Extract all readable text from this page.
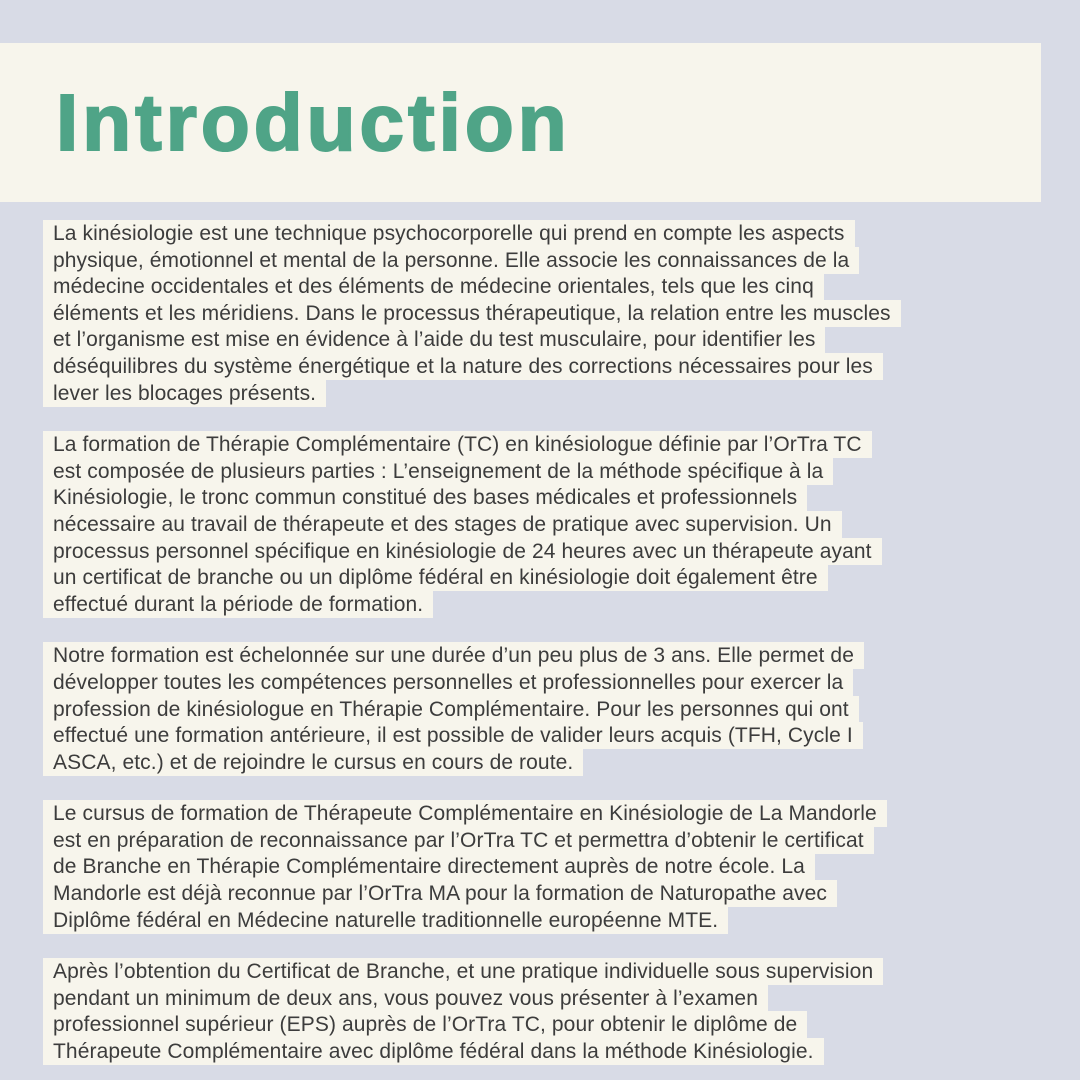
Introduction
La kinésiologie est une technique psychocorporelle qui prend en compte les aspects
physique, émotionnel et mental de la personne. Elle associe les connaissances de la
médecine occidentales et des éléments de médecine orientales, tels que les cinq
éléments et les méridiens. Dans le processus thérapeutique, la relation entre les muscles
et l’organisme est mise en évidence à l’aide du test musculaire, pour identifier les
déséquilibres du système énergétique et la nature des corrections nécessaires pour les
lever les blocages présents.
La formation de Thérapie Complémentaire (TC) en kinésiologue définie par l’OrTra TC
est composée de plusieurs parties : L’enseignement de la méthode spécifique à la
Kinésiologie, le tronc commun constitué des bases médicales et professionnels
nécessaire au travail de thérapeute et des stages de pratique avec supervision. Un
processus personnel spécifique en kinésiologie de 24 heures avec un thérapeute ayant
un certificat de branche ou un diplôme fédéral en kinésiologie doit également être
effectué durant la période de formation.
Notre formation est échelonnée sur une durée d’un peu plus de 3 ans. Elle permet de
développer toutes les compétences personnelles et professionnelles pour exercer la
profession de kinésiologue en Thérapie Complémentaire. Pour les personnes qui ont
effectué une formation antérieure, il est possible de valider leurs acquis (TFH, Cycle I
ASCA, etc.) et de rejoindre le cursus en cours de route.
Le cursus de formation de Thérapeute Complémentaire en Kinésiologie de La Mandorle
est en préparation de reconnaissance par l’OrTra TC et permettra d’obtenir le certificat
de Branche en Thérapie Complémentaire directement auprès de notre école. La
Mandorle est déjà reconnue par l’OrTra MA pour la formation de Naturopathe avec
Diplôme fédéral en Médecine naturelle traditionnelle européenne MTE.
Après l’obtention du Certificat de Branche, et une pratique individuelle sous supervision
pendant un minimum de deux ans, vous pouvez vous présenter à l’examen
professionnel supérieur (EPS) auprès de l’OrTra TC, pour obtenir le diplôme de
Thérapeute Complémentaire avec diplôme fédéral dans la méthode Kinésiologie.
